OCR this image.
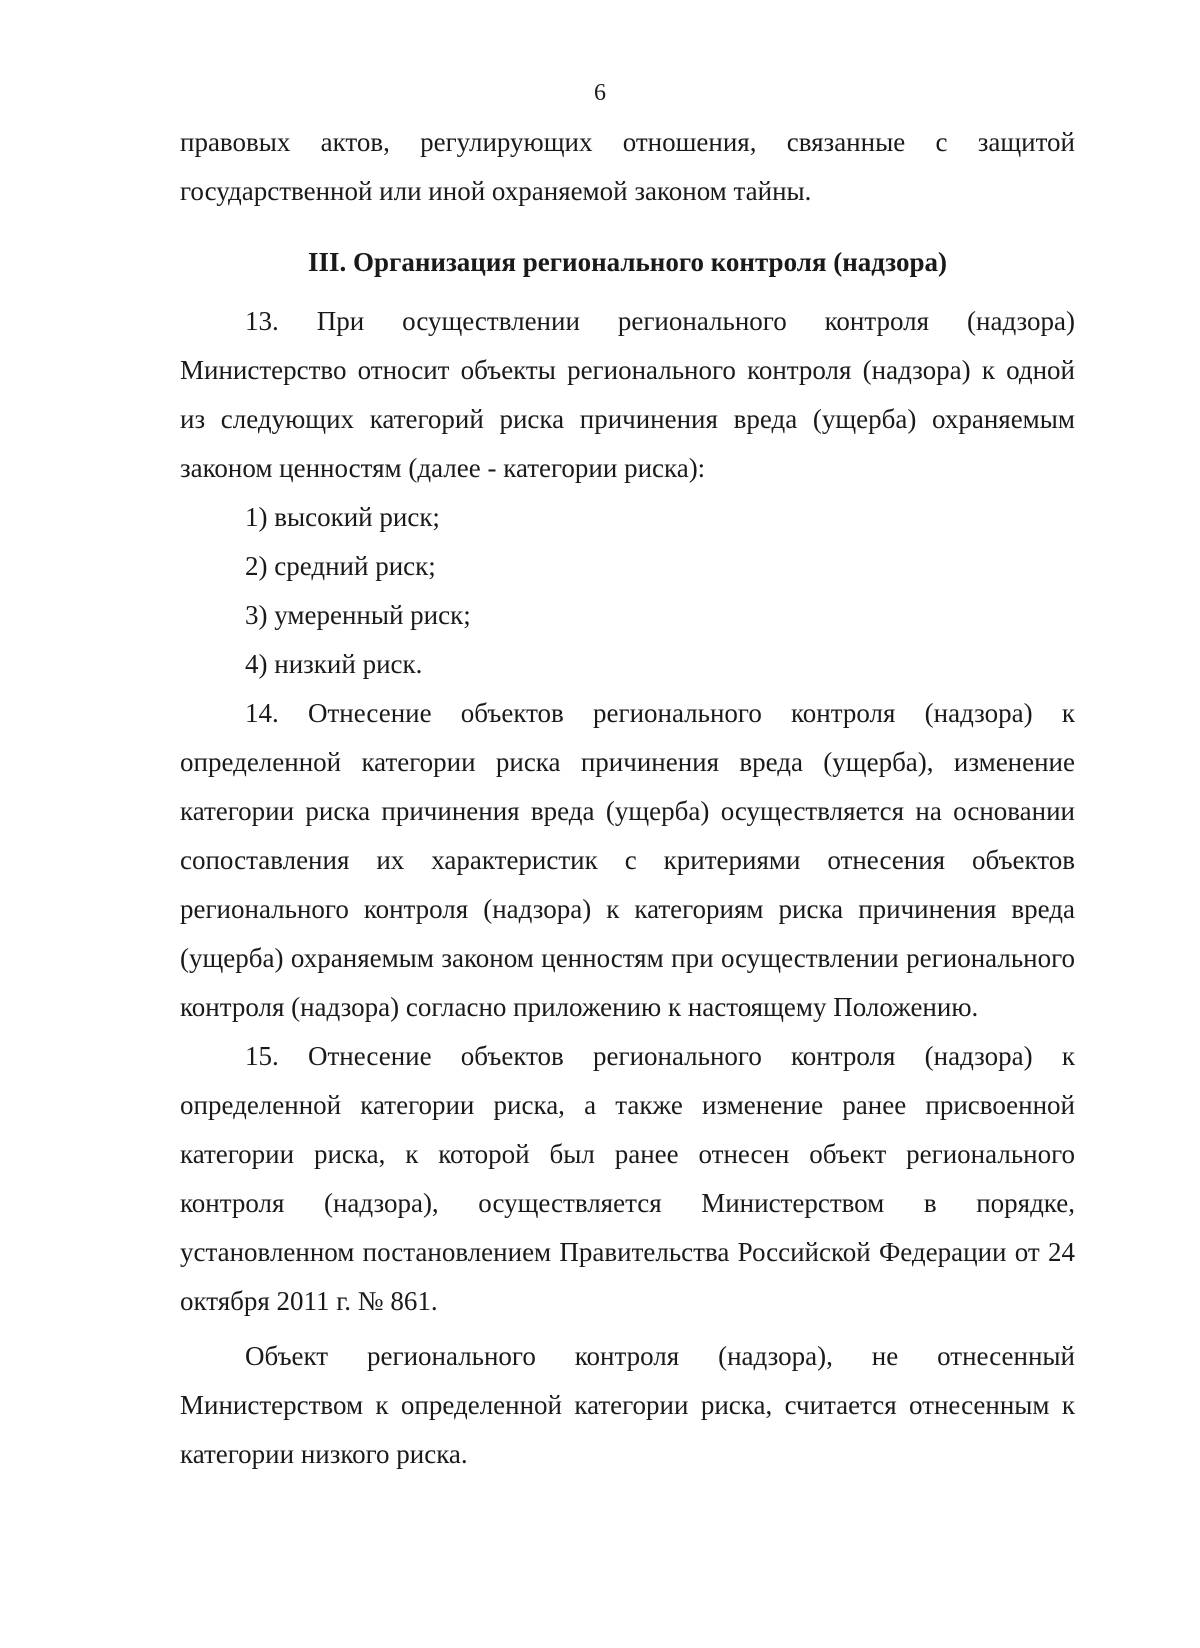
6

правовых актов, регулирующих отношения, связанные с защитой государственной или иной охраняемой законом тайны.

III. Организация регионального контроля (надзора)

13. При осуществлении регионального контроля (надзора) Министерство относит объекты регионального контроля (надзора) к одной из следующих категорий риска причинения вреда (ущерба) охраняемым законом ценностям (далее - категории риска):

1) высокий риск;

2) средний риск;

3) умеренный риск;

4) низкий риск.

14. Отнесение объектов регионального контроля (надзора) к определенной категории риска причинения вреда (ущерба), изменение категории риска причинения вреда (ущерба) осуществляется на основании сопоставления их характеристик с критериями отнесения объектов регионального контроля (надзора) к категориям риска причинения вреда (ущерба) охраняемым законом ценностям при осуществлении регионального контроля (надзора) согласно приложению к настоящему Положению.

15. Отнесение объектов регионального контроля (надзора) к определенной категории риска, а также изменение ранее присвоенной категории риска, к которой был ранее отнесен объект регионального контроля (надзора), осуществляется Министерством в порядке, установленном постановлением Правительства Российской Федерации от 24 октября 2011 г. № 861.

Объект регионального контроля (надзора), не отнесенный Министерством к определенной категории риска, считается отнесенным к категории низкого риска.
